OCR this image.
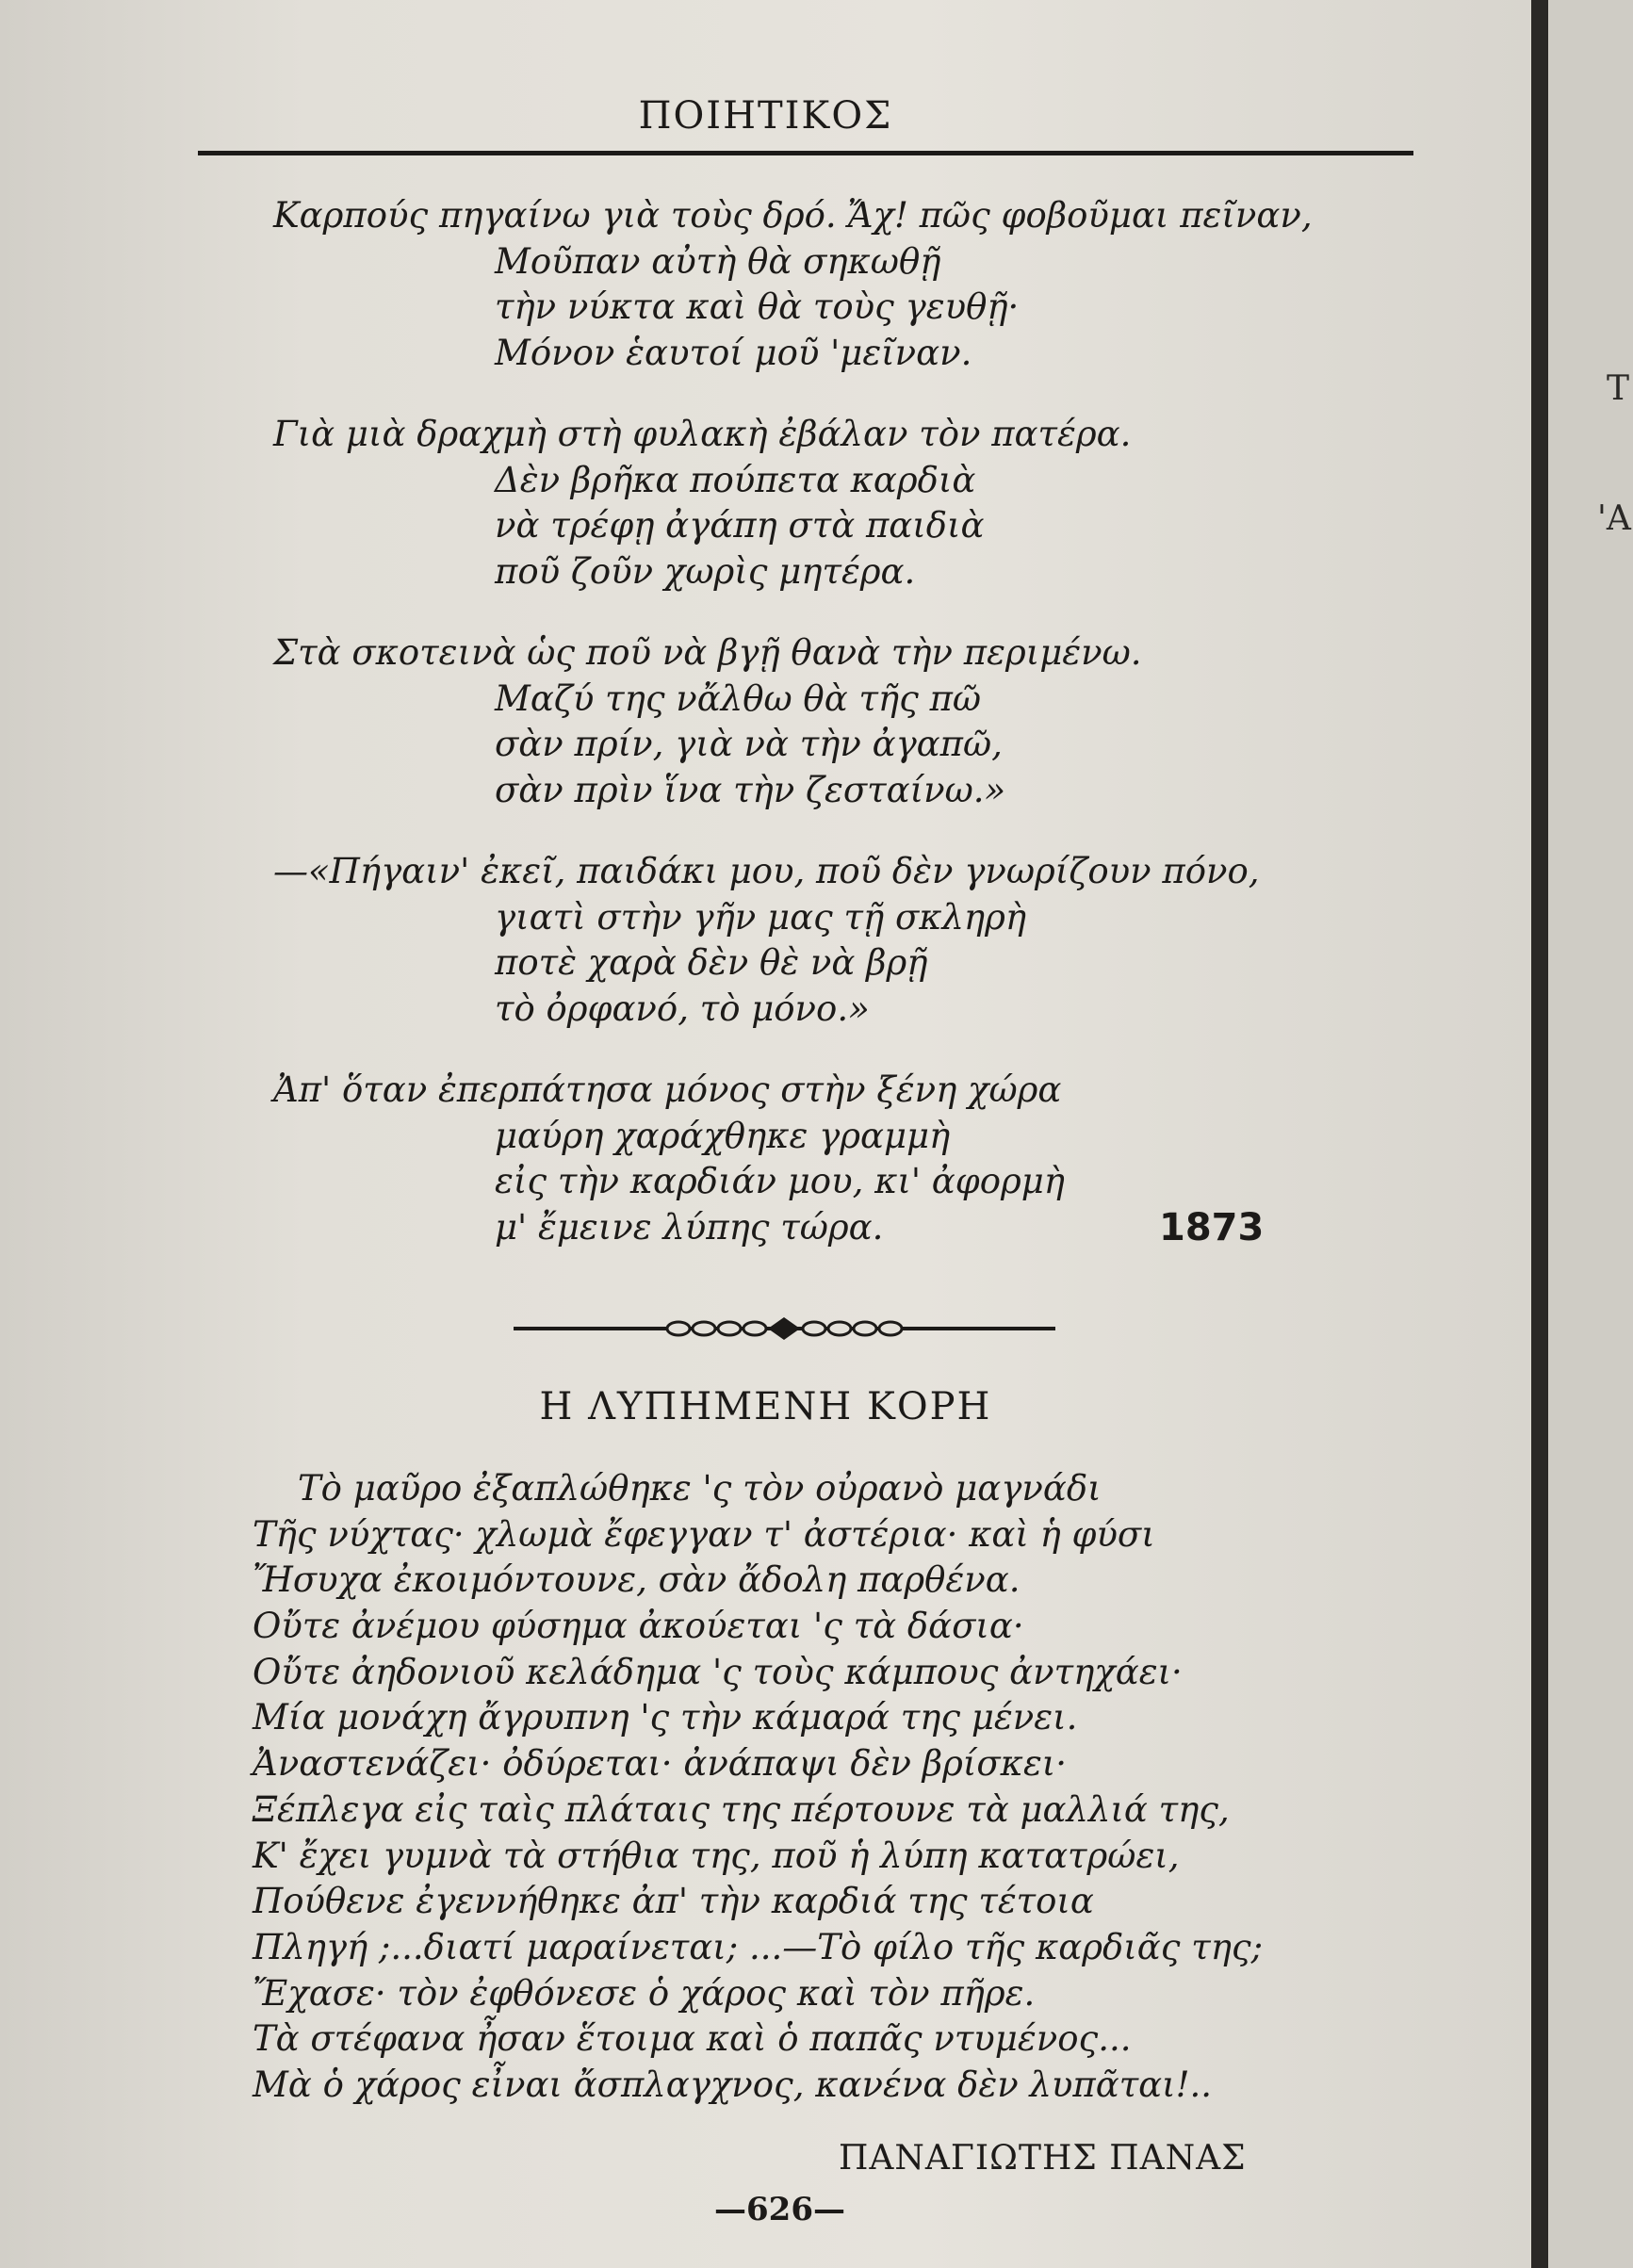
ΠΟΙΗΤΙΚΟΣ
Καρπούς πηγαίνω γιὰ τοὺς δρό. Ἄχ! πῶς φοβοῦμαι πεῖναν,
Μοῦπαν αὐτὴ θὰ σηκωθῇ
τὴν νύκτα καὶ θὰ τοὺς γευθῇ·
Μόνον ἑαυτοί μοῦ 'μεῖναν.
Γιὰ μιὰ δραχμὴ στὴ φυλακὴ ἐβάλαν τὸν πατέρα.
Δὲν βρῆκα πούπετα καρδιὰ
νὰ τρέφῃ ἀγάπη στὰ παιδιὰ
ποῦ ζοῦν χωρὶς μητέρα.
Στὰ σκοτεινὰ ὡς ποῦ νὰ βγῇ θανὰ τὴν περιμένω.
Μαζύ της νἄλθω θὰ τῆς πῶ
σὰν πρίν, γιὰ νὰ τὴν ἀγαπῶ,
σὰν πρὶν ἵνα τὴν ζεσταίνω.»
—«Πήγαιν' ἐκεῖ, παιδάκι μου, ποῦ δὲν γνωρίζουν πόνο,
γιατὶ στὴν γῆν μας τῇ σκληρὴ
ποτὲ χαρὰ δὲν θὲ νὰ βρῇ
τὸ ὀρφανό, τὸ μόνο.»
Ἀπ' ὅταν ἐπερπάτησα μόνος στὴν ξένη χώρα
μαύρη χαράχθηκε γραμμὴ
εἰς τὴν καρδιάν μου, κι' ἀφορμὴ
μ' ἔμεινε λύπης τώρα.	1873
Η ΛΥΠΗΜΕΝΗ ΚΟΡΗ
Τὸ μαῦρο ἐξαπλώθηκε 'ς τὸν οὐρανὸ μαγνάδι
Τῆς νύχτας· χλωμὰ ἔφεγγαν τ' ἀστέρια· καὶ ἡ φύσι
Ἤσυχα ἐκοιμόντουνε, σὰν ἄδολη παρθένα.
Οὔτε ἀνέμου φύσημα ἀκούεται 'ς τὰ δάσια·
Οὔτε ἀηδονιοῦ κελάδημα 'ς τοὺς κάμπους ἀντηχάει·
Μία μονάχη ἄγρυπνη 'ς τὴν κάμαρά της μένει.
Ἀναστενάζει· ὀδύρεται· ἀνάπαψι δὲν βρίσκει·
Ξέπλεγα εἰς ταὶς πλάταις της πέρτουνε τὰ μαλλιά της,
Κ' ἔχει γυμνὰ τὰ στήθια της, ποῦ ἡ λύπη κατατρώει,
Πούθενε ἐγεννήθηκε ἀπ' τὴν καρδιά της τέτοια
Πληγή ;...διατί μαραίνεται; ...—Τὸ φίλο τῆς καρδιᾶς της;
Ἔχασε· τὸν ἐφθόνεσε ὁ χάρος καὶ τὸν πῆρε.
Τὰ στέφανα ἦσαν ἕτοιμα καὶ ὁ παπᾶς ντυμένος...
Μὰ ὁ χάρος εἶναι ἄσπλαγχνος, κανένα δὲν λυπᾶται!..
ΠΑΝΑΓΙΩΤΗΣ ΠΑΝΑΣ
—626—
Τ
'Α
